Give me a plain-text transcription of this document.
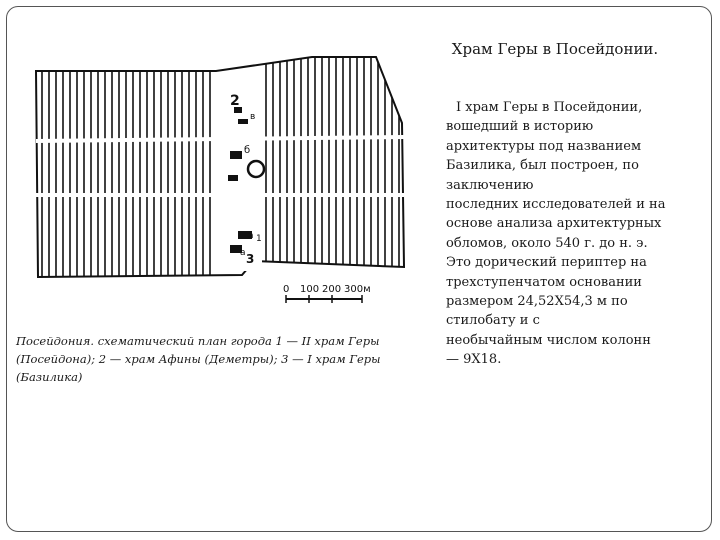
Храм Геры в Посейдонии.
2
в
б
1
a
а 3
0 100 200 300м
Посейдония. схематический план города 1 — II храм Геры (Посейдона); 2 — храм Афины (Деметры); 3 — I храм Геры (Базилика)

I храм Геры в Посейдонии,

вошедший в историю

архитектуры под названием

Базилика, был построен, по

заключению

последних исследователей и на

основе анализа архитектурных

обломов, около 540 г. до н. э.

Это дорический периптер на

трехступенчатом основании

размером 24,52Х54,3 м по

стилобату и с

необычайным числом колонн

— 9Х18.
